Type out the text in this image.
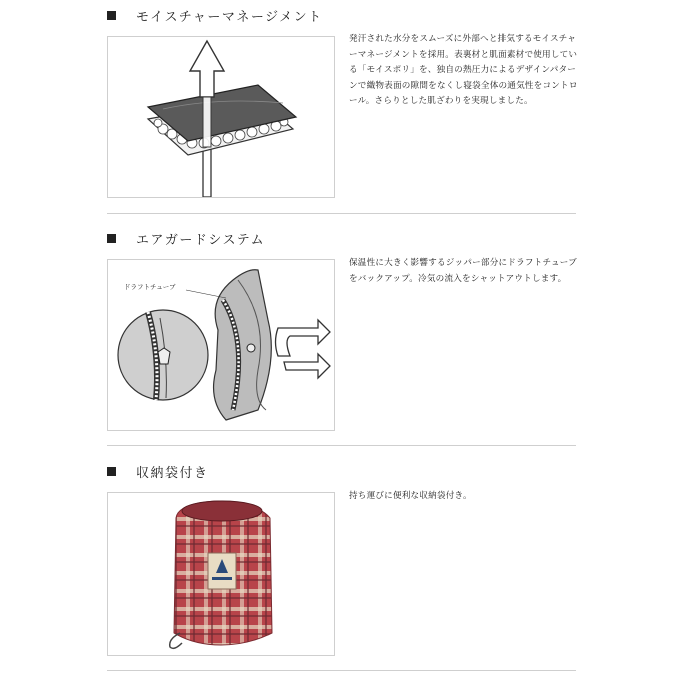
モイスチャーマネージメント
発汗された水分をスムーズに外部へと排気するモイスチャーマネージメントを採用。表裏材と肌面素材で使用している「モイスポリ」を、独自の熱圧力によるデザインパターンで織物表面の隙間をなくし寝袋全体の通気性をコントロール。さらりとした肌ざわりを実現しました。
エアガードシステム
ドラフトチューブ
保温性に大きく影響するジッパー部分にドラフトチューブをバックアップ。冷気の流入をシャットアウトします。
収納袋付き
持ち運びに便利な収納袋付き。
